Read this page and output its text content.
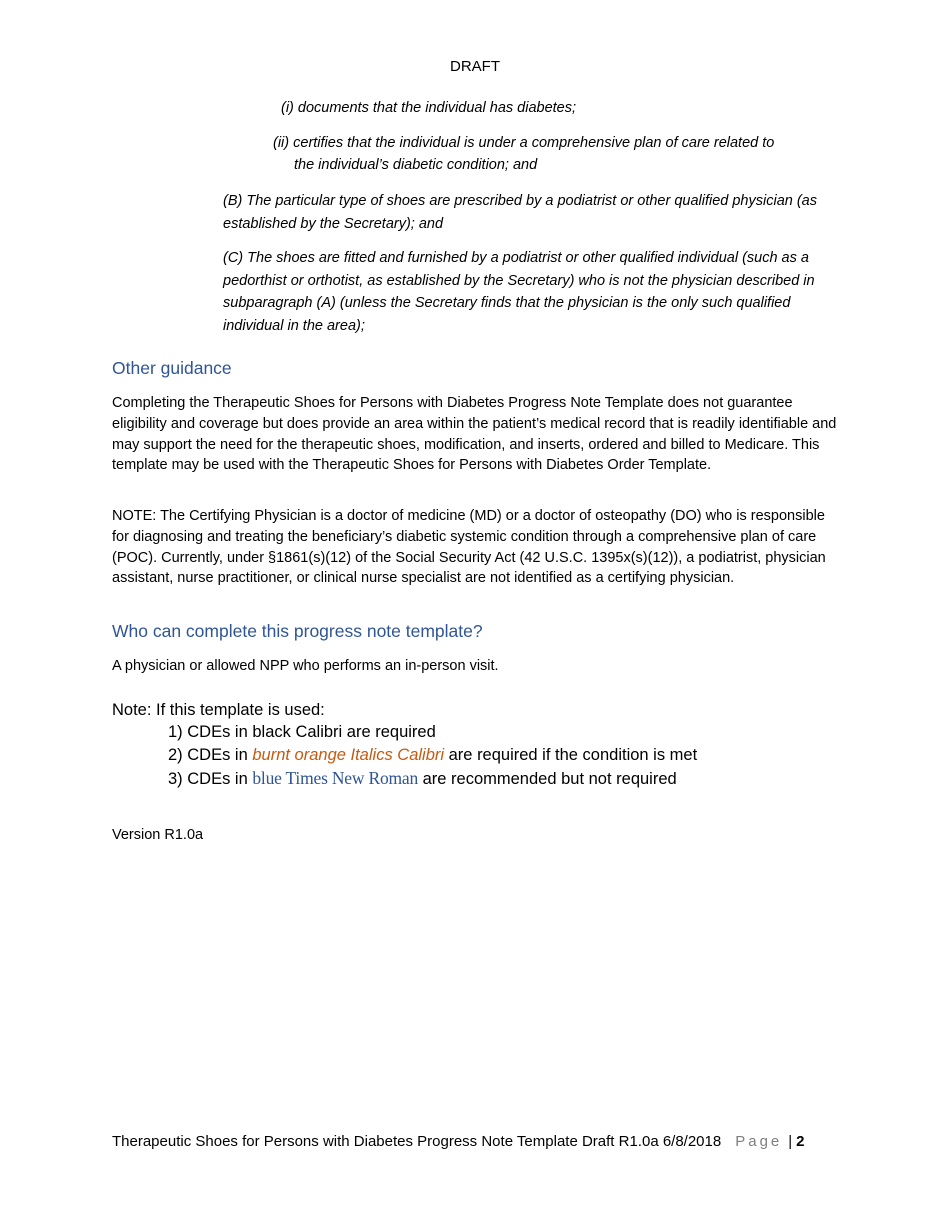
DRAFT
(i) documents that the individual has diabetes;
(ii) certifies that the individual is under a comprehensive plan of care related to
the individual’s diabetic condition; and
(B) The particular type of shoes are prescribed by a podiatrist or other qualified physician (as established by the Secretary); and
(C) The shoes are fitted and furnished by a podiatrist or other qualified individual (such as a pedorthist or orthotist, as established by the Secretary) who is not the physician described in subparagraph (A) (unless the Secretary finds that the physician is the only such qualified individual in the area);
Other guidance
Completing the Therapeutic Shoes for Persons with Diabetes Progress Note Template does not guarantee eligibility and coverage but does provide an area within the patient’s medical record that is readily identifiable and may support the need for the therapeutic shoes, modification, and inserts, ordered and billed to Medicare. This template may be used with the Therapeutic Shoes for Persons with Diabetes Order Template.
NOTE: The Certifying Physician is a doctor of medicine (MD) or a doctor of osteopathy (DO) who is responsible for diagnosing and treating the beneficiary’s diabetic systemic condition through a comprehensive plan of care (POC). Currently, under §1861(s)(12) of the Social Security Act (42 U.S.C. 1395x(s)(12)), a podiatrist, physician assistant, nurse practitioner, or clinical nurse specialist are not identified as a certifying physician.
Who can complete this progress note template?
A physician or allowed NPP who performs an in-person visit.
Note: If this template is used:
1) CDEs in black Calibri are required
2) CDEs in burnt orange Italics Calibri are required if the condition is met
3) CDEs in blue Times New Roman are recommended but not required
Version R1.0a
Therapeutic Shoes for Persons with Diabetes Progress Note Template Draft R1.0a 6/8/2018 Page | 2
